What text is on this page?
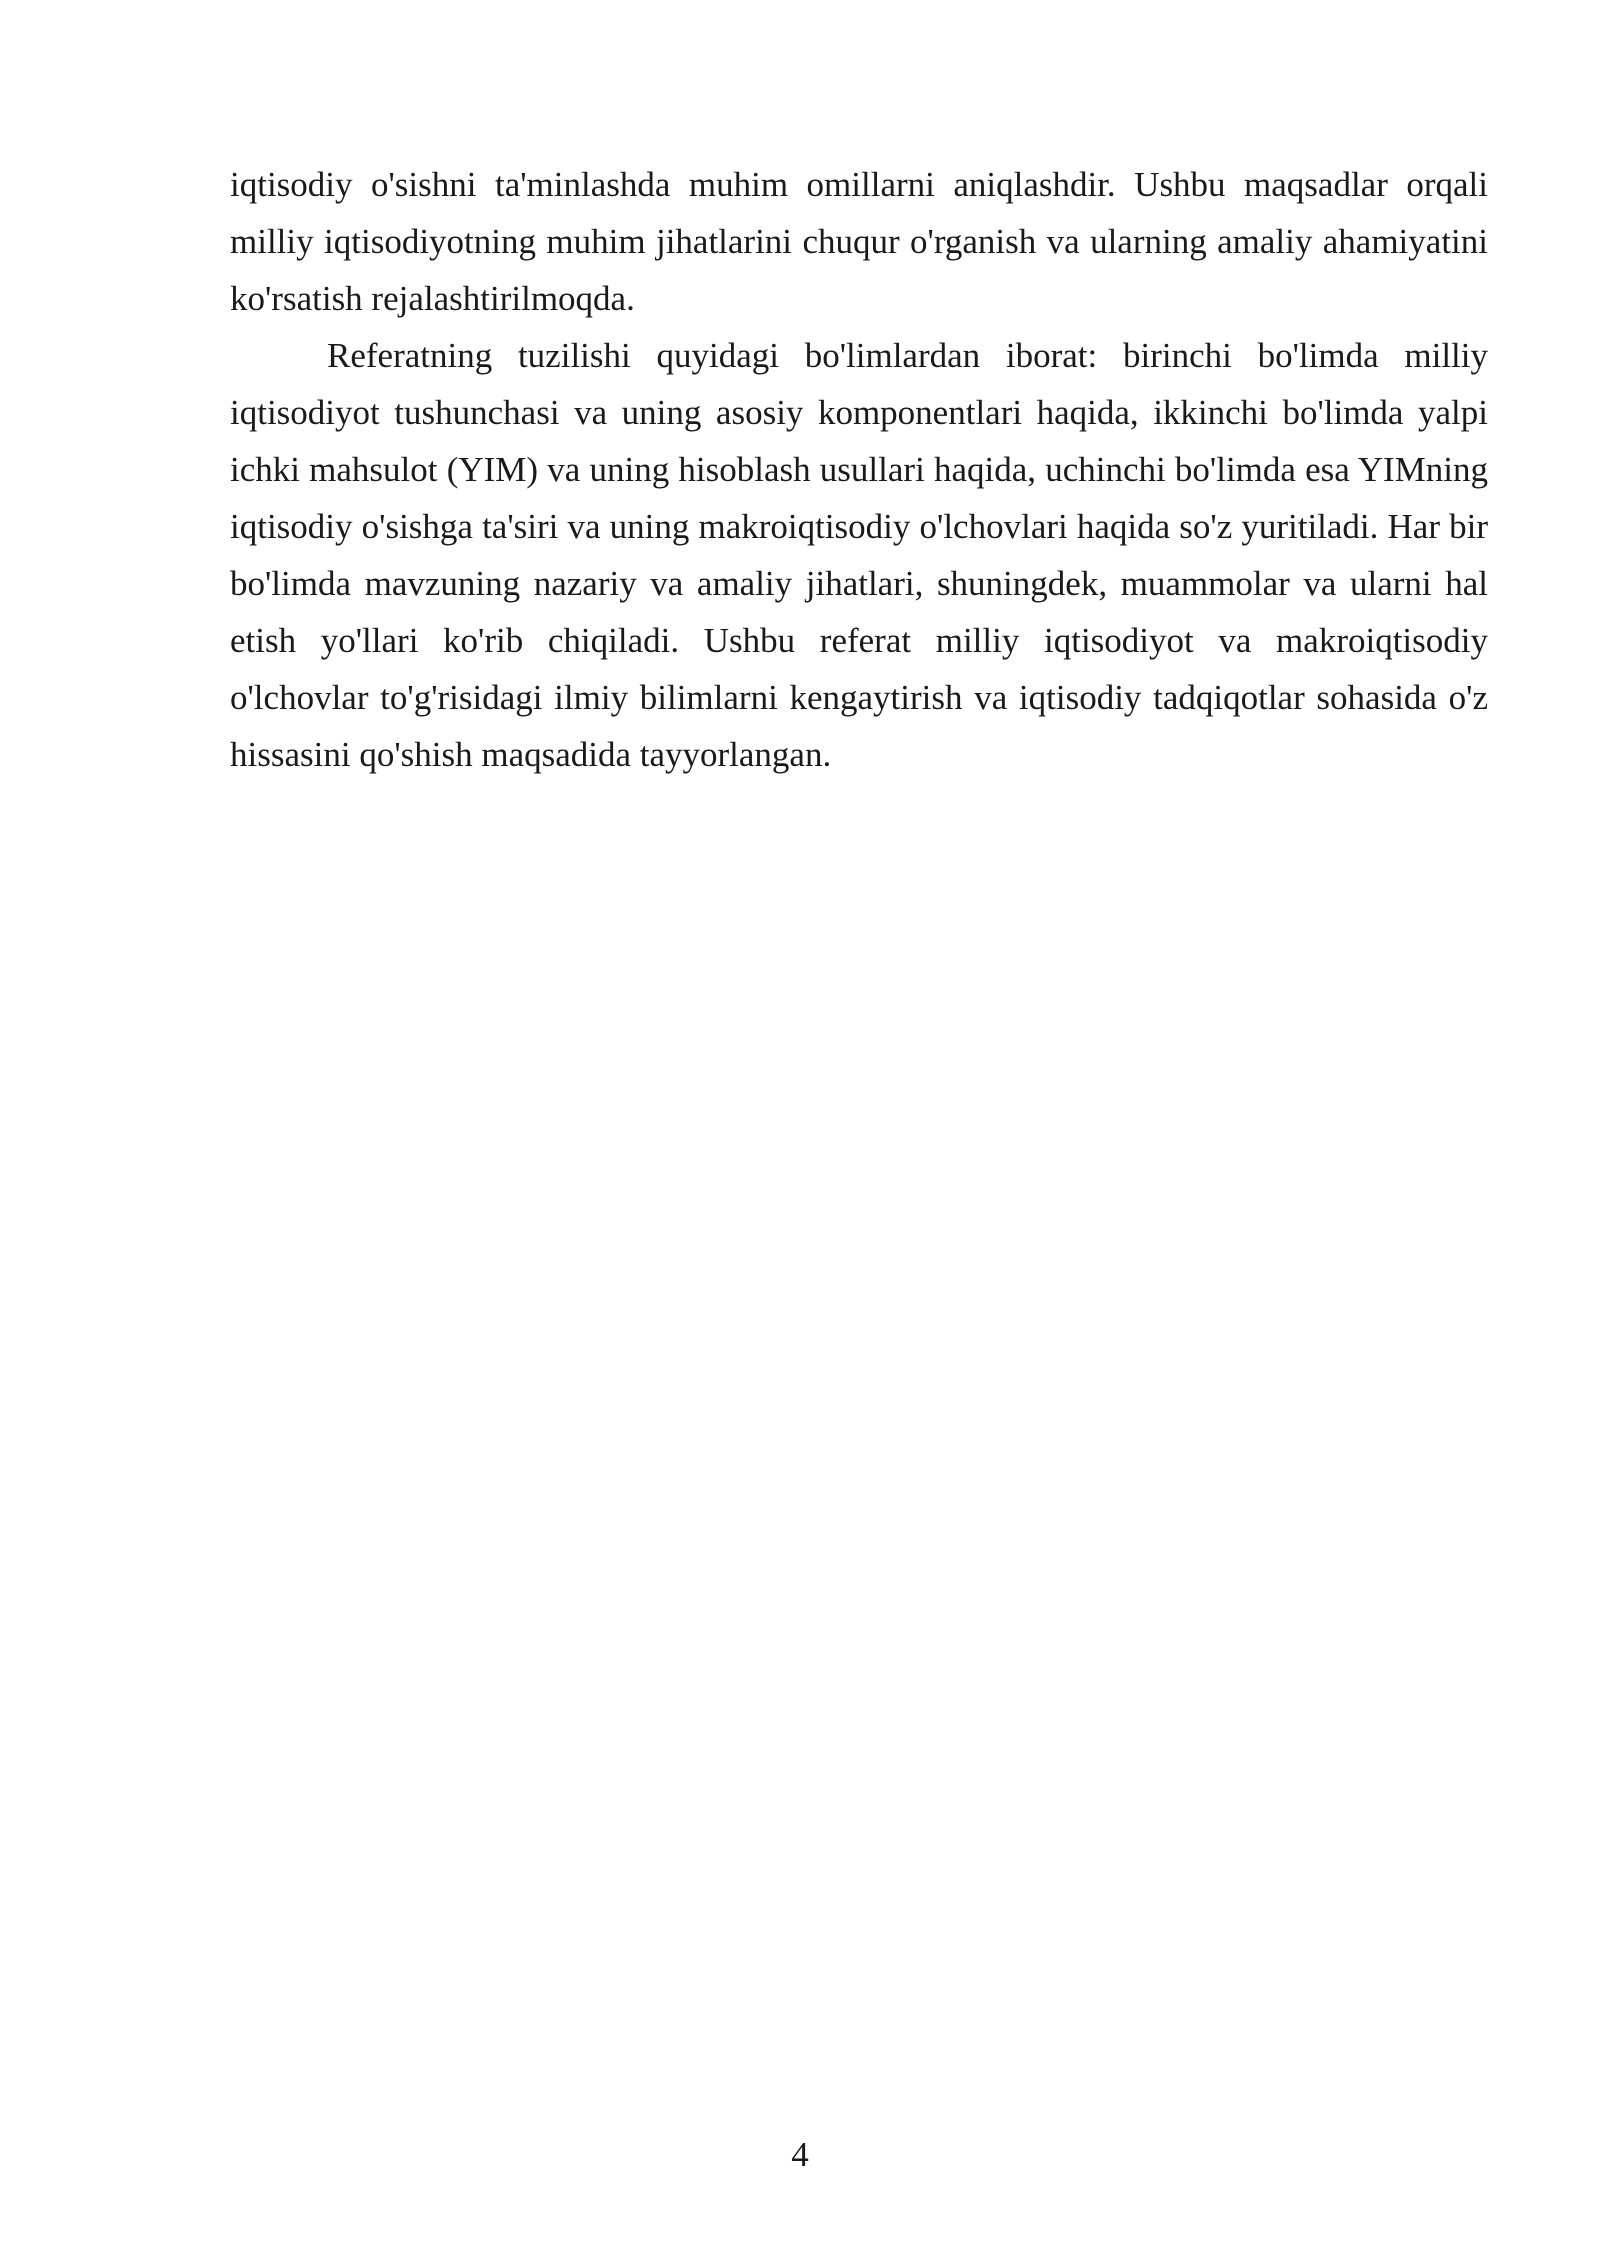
iqtisodiy o'sishni ta'minlashda muhim omillarni aniqlashdir. Ushbu maqsadlar orqali milliy iqtisodiyotning muhim jihatlarini chuqur o'rganish va ularning amaliy ahamiyatini ko'rsatish rejalashtirilmoqda.

Referatning tuzilishi quyidagi bo'limlardan iborat: birinchi bo'limda milliy iqtisodiyot tushunchasi va uning asosiy komponentlari haqida, ikkinchi bo'limda yalpi ichki mahsulot (YIM) va uning hisoblash usullari haqida, uchinchi bo'limda esa YIMning iqtisodiy o'sishga ta'siri va uning makroiqtisodiy o'lchovlari haqida so'z yuritiladi. Har bir bo'limda mavzuning nazariy va amaliy jihatlari, shuningdek, muammolar va ularni hal etish yo'llari ko'rib chiqiladi. Ushbu referat milliy iqtisodiyot va makroiqtisodiy o'lchovlar to'g'risidagi ilmiy bilimlarni kengaytirish va iqtisodiy tadqiqotlar sohasida o'z hissasini qo'shish maqsadida tayyorlangan.

4
